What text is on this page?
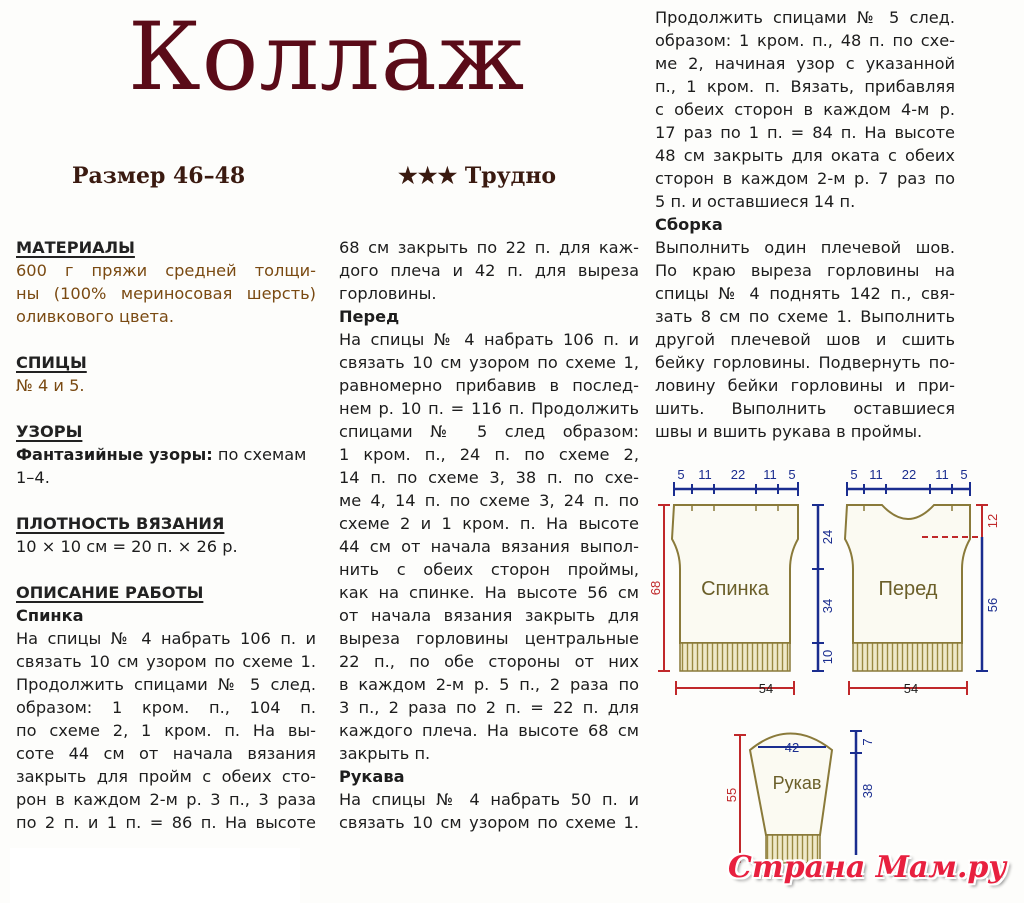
Коллаж
Размер 46–48	★★★ Трудно
МАТЕРИАЛЫ
600 г пряжи средней толщи-
ны (100% мериносовая шерсть)
оливкового цвета.
СПИЦЫ
№ 4 и 5.
УЗОРЫ
Фантазийные узоры: по схемам
1–4.
ПЛОТНОСТЬ ВЯЗАНИЯ
10 × 10 см = 20 п. × 26 р.
ОПИСАНИЕ РАБОТЫ
Спинка
На спицы № 4 набрать 106 п. и
связать 10 см узором по схеме 1.
Продолжить спицами № 5 след.
образом: 1 кром. п., 104 п.
по схеме 2, 1 кром. п. На вы-
соте 44 см от начала вязания
закрыть для пройм с обеих сто-
рон в каждом 2-м р. 3 п., 3 раза
по 2 п. и 1 п. = 86 п. На высоте
68 см закрыть по 22 п. для каж-
дого плеча и 42 п. для выреза
горловины.
Перед
На спицы № 4 набрать 106 п. и
связать 10 см узором по схеме 1,
равномерно прибавив в послед-
нем р. 10 п. = 116 п. Продолжить
спицами № 5 след образом:
1 кром. п., 24 п. по схеме 2,
14 п. по схеме 3, 38 п. по схе-
ме 4, 14 п. по схеме 3, 24 п. по
схеме 2 и 1 кром. п. На высоте
44 см от начала вязания выпол-
нить с обеих сторон проймы,
как на спинке. На высоте 56 см
от начала вязания закрыть для
выреза горловины центральные
22 п., по обе стороны от них
в каждом 2-м р. 5 п., 2 раза по
3 п., 2 раза по 2 п. = 22 п. для
каждого плеча. На высоте 68 см
закрыть п.
Рукава
На спицы № 4 набрать 50 п. и
связать 10 см узором по схеме 1.
Продолжить спицами № 5 след.
образом: 1 кром. п., 48 п. по схе-
ме 2, начиная узор с указанной
п., 1 кром. п. Вязать, прибавляя
с обеих сторон в каждом 4-м р.
17 раз по 1 п. = 84 п. На высоте
48 см закрыть для оката с обеих
сторон в каждом 2-м р. 7 раз по
5 п. и оставшиеся 14 п.
Сборка
Выполнить один плечевой шов.
По краю выреза горловины на
спицы № 4 поднять 142 п., свя-
зать 8 см по схеме 1. Выполнить
другой плечевой шов и сшить
бейку горловины. Подвернуть по-
ловину бейки горловины и при-
шить. Выполнить оставшиеся
швы и вшить рукава в проймы.
Спинка
5 11 22 11 5
68
24
34
10
54
Перед
5 11 22 11 5
12
56
54
Рукав
42
55
7
38
Страна Мам.ру
